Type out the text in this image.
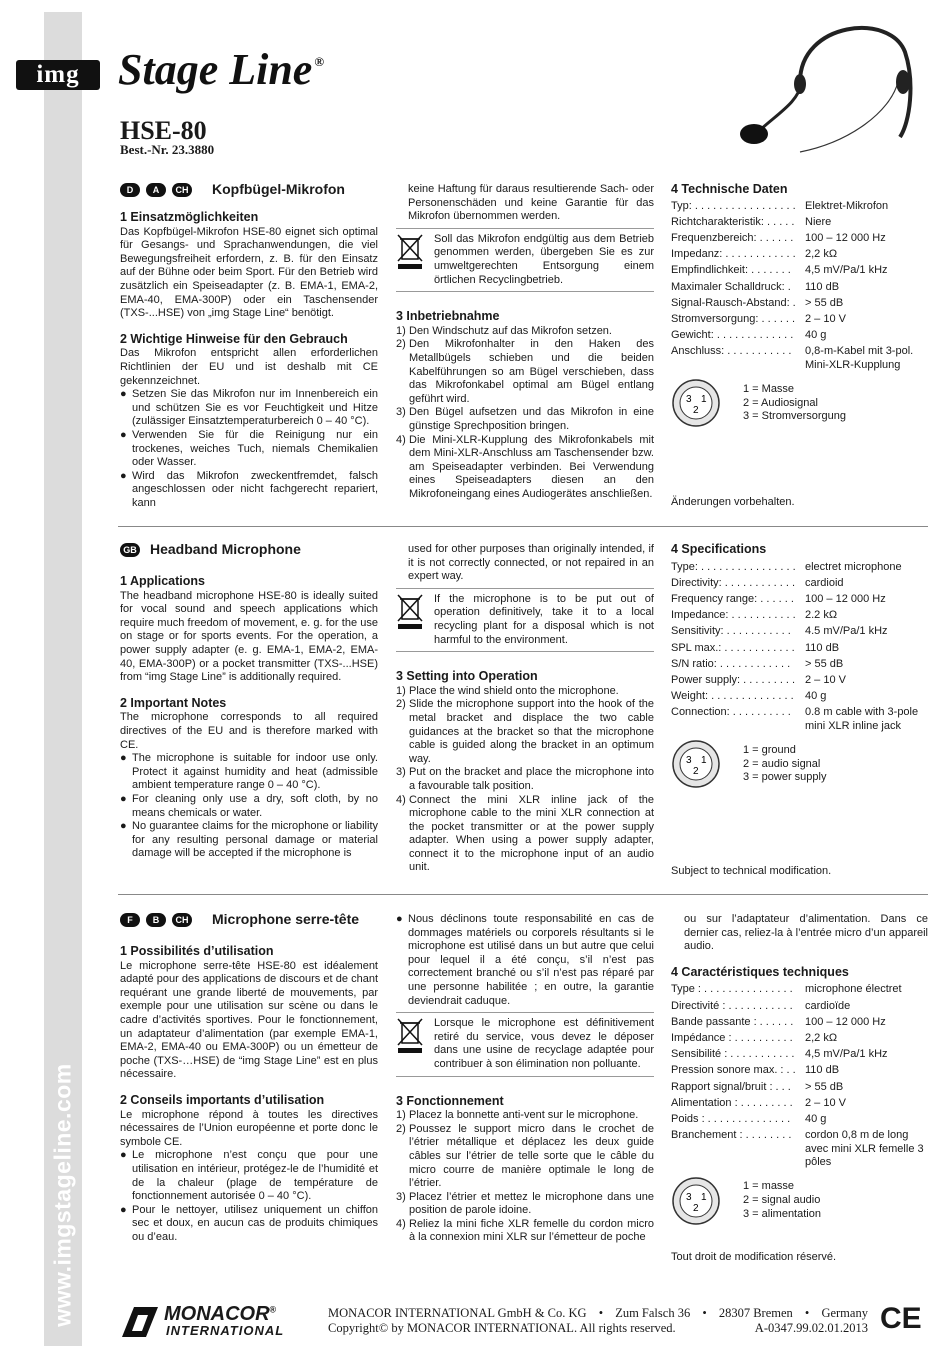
www.imgstageline.com
img Stage Line ®
HSE-80
Best.-Nr. 23.3880
D	A	CH Kopfbügel-Mikrofon
1 Einsatzmöglichkeiten

Das Kopfbügel-Mikrofon HSE-80 eignet sich optimal für Gesangs- und Sprachanwendungen, die viel Bewegungsfreiheit erfordern, z. B. für den Einsatz auf der Bühne oder beim Sport. Für den Betrieb wird zusätzlich ein Speiseadapter (z. B. EMA-1, EMA-2, EMA-40, EMA-300P) oder ein Taschensender (TXS-...HSE) von „img Stage Line“ benötigt.

2 Wichtige Hinweise für den Gebrauch

Das Mikrofon entspricht allen erforderlichen Richtlinien der EU und ist deshalb mit CE gekennzeichnet.

● Setzen Sie das Mikrofon nur im Innenbereich ein und schützen Sie es vor Feuchtigkeit und Hitze (zulässiger Einsatztemperaturbereich 0 – 40 °C).
● Verwenden Sie für die Reinigung nur ein trockenes, weiches Tuch, niemals Chemikalien oder Wasser.
● Wird das Mikrofon zweckentfremdet, falsch angeschlossen oder nicht fachgerecht repariert, kann

keine Haftung für daraus resultierende Sach- oder Personenschäden und keine Garantie für das Mikrofon übernommen werden.

Soll das Mikrofon endgültig aus dem Betrieb genommen werden, übergeben Sie es zur umweltgerechten Entsorgung einem örtlichen Recyclingbetrieb.

3 Inbetriebnahme
1) Den Windschutz auf das Mikrofon setzen.
2) Den Mikrofonhalter in den Haken des Metallbügels schieben und die beiden Kabelführungen so am Bügel verschieben, dass das Mikrofonkabel optimal am Bügel entlang geführt wird.
3) Den Bügel aufsetzen und das Mikrofon in eine günstige Sprechposition bringen.
4) Die Mini-XLR-Kupplung des Mikrofonkabels mit dem Mini-XLR-Anschluss am Taschensender bzw. am Speiseadapter verbinden. Bei Verwendung eines Speiseadapters diesen an den Mikrofoneingang eines Audiogerätes anschließen.
4 Technische Daten
Typ: . . . . . . . . . . . . . . . . . Elektret-Mikrofon
Richtcharakteristik: . . . . . Niere
Frequenzbereich: . . . . . .	100 – 12 000 Hz
Impedanz: . . . . . . . . . . . . 2,2 kΩ
Empfindlichkeit: . . . . . . .	4,5 mV/Pa/1 kHz
Maximaler Schalldruck: .	110 dB
Signal-Rausch-Abstand: . > 55 dB
Stromversorgung: . . . . . . 2 – 10 V
Gewicht: . . . . . . . . . . . . .	40 g
Anschluss: . . . . . . . . . . .	0,8-m-Kabel mit 3-pol. Mini-XLR-Kupplung
3 1
2
1 = Masse
2 = Audiosignal
3 = Stromversorgung
Änderungen vorbehalten.
GB Headband Microphone
1 Applications

The headband microphone HSE-80 is ideally suited for vocal sound and speech applications which require much freedom of movement, e. g. for the use on stage or for sports events. For the operation, a power supply adapter (e. g. EMA-1, EMA-2, EMA-40, EMA-300P) or a pocket transmitter (TXS-...HSE) from “img Stage Line” is additionally required.

2 Important Notes

The microphone corresponds to all required directives of the EU and is therefore marked with CE.

● The microphone is suitable for indoor use only. Protect it against humidity and heat (admissible ambient temperature range 0 – 40 °C).
● For cleaning only use a dry, soft cloth, by no means chemicals or water.
● No guarantee claims for the microphone or liability for any resulting personal damage or material damage will be accepted if the microphone is

used for other purposes than originally intended, if it is not correctly connected, or not repaired in an expert way.

If the microphone is to be put out of operation definitively, take it to a local recycling plant for a disposal which is not harmful to the environment.

3 Setting into Operation
1) Place the wind shield onto the microphone.
2) Slide the microphone support into the hook of the metal bracket and displace the two cable guidances at the bracket so that the microphone cable is guided along the bracket in an optimum way.
3) Put on the bracket and place the microphone into a favourable talk position.
4) Connect the mini XLR inline jack of the microphone cable to the mini XLR connection at the pocket transmitter or at the power supply adapter. When using a power supply adapter, connect it to the microphone input of an audio unit.
4 Specifications
Type: . . . . . . . . . . . . . . . . electret microphone
Directivity: . . . . . . . . . . . . cardioid
Frequency range: . . . . . .	100 – 12 000 Hz
Impedance: . . . . . . . . . . . 2.2 kΩ
Sensitivity: . . . . . . . . . . .	4.5 mV/Pa/1 kHz
SPL max.: . . . . . . . . . . . . 110 dB
S/N ratio: . . . . . . . . . . . .	> 55 dB
Power supply: . . . . . . . . . 2 – 10 V
Weight: . . . . . . . . . . . . . .	40 g
Connection: . . . . . . . . . .	0.8 m cable with 3-pole mini XLR inline jack
3 1
2
1 = ground
2 = audio signal
3 = power supply
Subject to technical modification.
F	B	CH Microphone serre-tête
1 Possibilités d’utilisation

Le microphone serre-tête HSE-80 est idéalement adapté pour des applications de discours et de chant requérant une grande liberté de mouvements, par exemple pour une utilisation sur scène ou dans le cadre d’activités sportives. Pour le fonctionnement, un adaptateur d’alimentation (par exemple EMA-1, EMA-2, EMA-40 ou EMA-300P) ou un émetteur de poche (TXS-…HSE) de “img Stage Line” est en plus nécessaire.

2 Conseils importants d’utilisation

Le microphone répond à toutes les directives nécessaires de l’Union européenne et porte donc le symbole CE.

● Le microphone n’est conçu que pour une utilisation en intérieur, protégez-le de l’humidité et de la chaleur (plage de température de fonctionnement autorisée 0 – 40 °C).
● Pour le nettoyer, utilisez uniquement un chiffon sec et doux, en aucun cas de produits chimiques ou d’eau.
● Nous déclinons toute responsabilité en cas de dommages matériels ou corporels résultants si le microphone est utilisé dans un but autre que celui pour lequel il a été conçu, s’il n’est pas correctement branché ou s’il n’est pas réparé par une personne habilitée ; en outre, la garantie deviendrait caduque.

Lorsque le microphone est définitivement retiré du service, vous devez le déposer dans une usine de recyclage adaptée pour contribuer à son élimination non polluante.

3 Fonctionnement
1) Placez la bonnette anti-vent sur le microphone.
2) Poussez le support micro dans le crochet de l’étrier métallique et déplacez les deux guide câbles sur l’étrier de telle sorte que le câble du micro courre de manière optimale le long de l’étrier.
3) Placez l’étrier et mettez le microphone dans une position de parole idoine.
4) Reliez la mini fiche XLR femelle du cordon micro à la connexion mini XLR sur l’émetteur de poche

ou sur l’adaptateur d’alimentation. Dans ce dernier cas, reliez-la à l’entrée micro d’un appareil audio.

4 Caractéristiques techniques
Type : . . . . . . . . . . . . . . .	microphone électret
Directivité : . . . . . . . . . . .	cardioïde
Bande passante : . . . . . .	100 – 12 000 Hz
Impédance : . . . . . . . . . .	2,2 kΩ
Sensibilité : . . . . . . . . . . . 4,5 mV/Pa/1 kHz
Pression sonore max. : . . 110 dB
Rapport signal/bruit : . . .	> 55 dB
Alimentation : . . . . . . . . .	2 – 10 V
Poids : . . . . . . . . . . . . . .	40 g
Branchement : . . . . . . . .	cordon 0,8 m de long avec mini XLR femelle 3 pôles
3 1
2
1 = masse
2 = signal audio
3 = alimentation
Tout droit de modification réservé.
MONACOR®
INTERNATIONAL
MONACOR INTERNATIONAL GmbH & Co. KG • Zum Falsch 36 • 28307 Bremen • Germany
Copyright© by MONACOR INTERNATIONAL. All rights reserved.	A-0347.99.02.01.2013 CE
